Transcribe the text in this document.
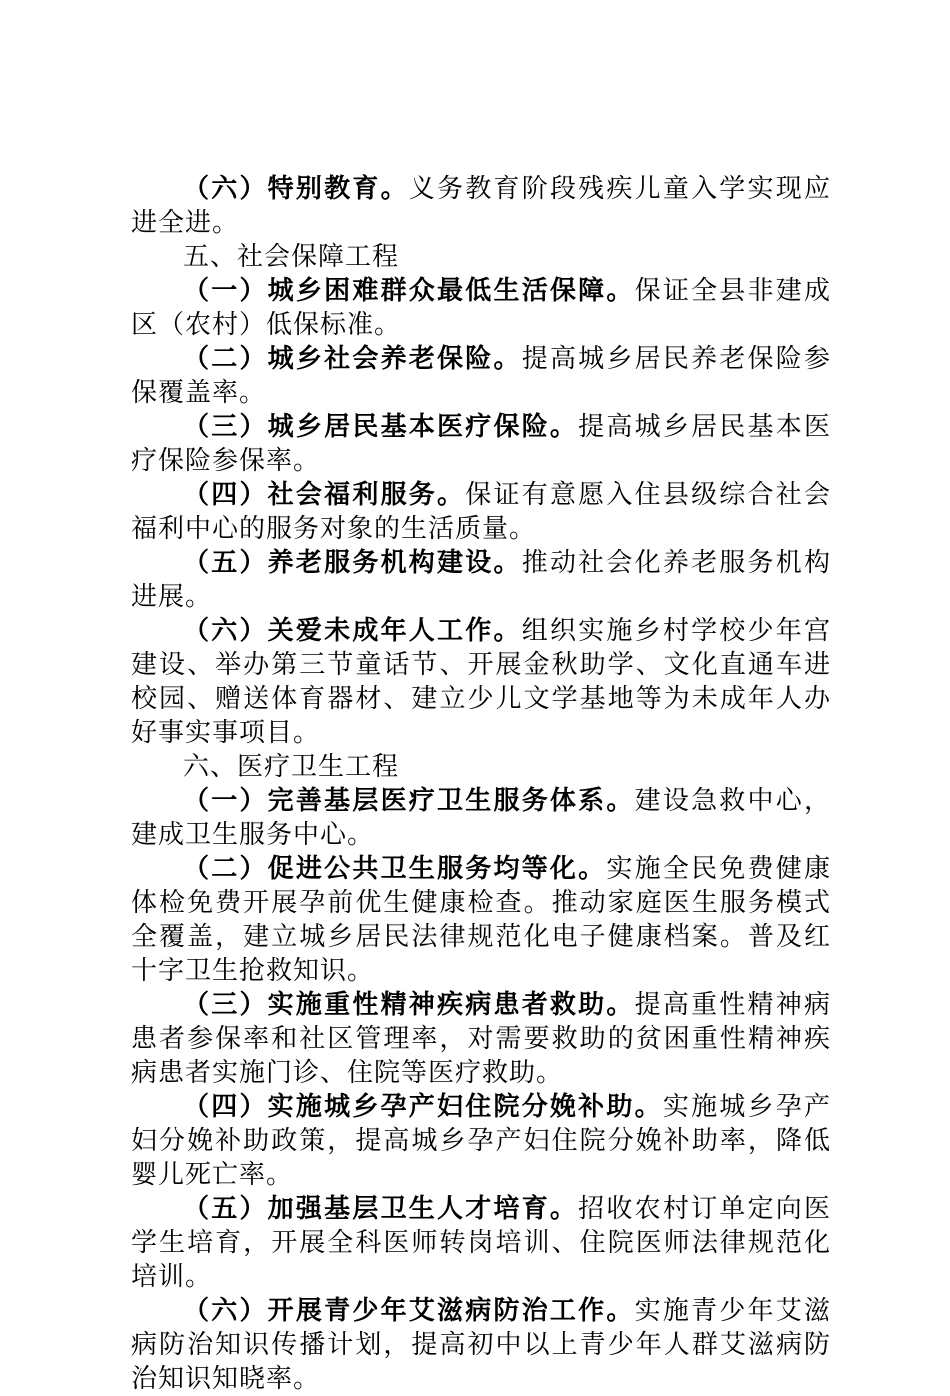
（六）特别教育。义务教育阶段残疾儿童入学实现应进全进。

五、社会保障工程

（一）城乡困难群众最低生活保障。保证全县非建成区（农村）低保标准。

（二）城乡社会养老保险。提高城乡居民养老保险参保覆盖率。

（三）城乡居民基本医疗保险。提高城乡居民基本医疗保险参保率。

（四）社会福利服务。保证有意愿入住县级综合社会福利中心的服务对象的生活质量。

（五）养老服务机构建设。推动社会化养老服务机构进展。

（六）关爱未成年人工作。组织实施乡村学校少年宫建设、举办第三节童话节、开展金秋助学、文化直通车进校园、赠送体育器材、建立少儿文学基地等为未成年人办好事实事项目。

六、医疗卫生工程

（一）完善基层医疗卫生服务体系。建设急救中心，建成卫生服务中心。

（二）促进公共卫生服务均等化。实施全民免费健康体检免费开展孕前优生健康检查。推动家庭医生服务模式全覆盖，建立城乡居民法律规范化电子健康档案。普及红十字卫生抢救知识。

（三）实施重性精神疾病患者救助。提高重性精神病患者参保率和社区管理率，对需要救助的贫困重性精神疾病患者实施门诊、住院等医疗救助。

（四）实施城乡孕产妇住院分娩补助。实施城乡孕产妇分娩补助政策，提高城乡孕产妇住院分娩补助率，降低婴儿死亡率。

（五）加强基层卫生人才培育。招收农村订单定向医学生培育，开展全科医师转岗培训、住院医师法律规范化培训。

（六）开展青少年艾滋病防治工作。实施青少年艾滋病防治知识传播计划，提高初中以上青少年人群艾滋病防治知识知晓率。
